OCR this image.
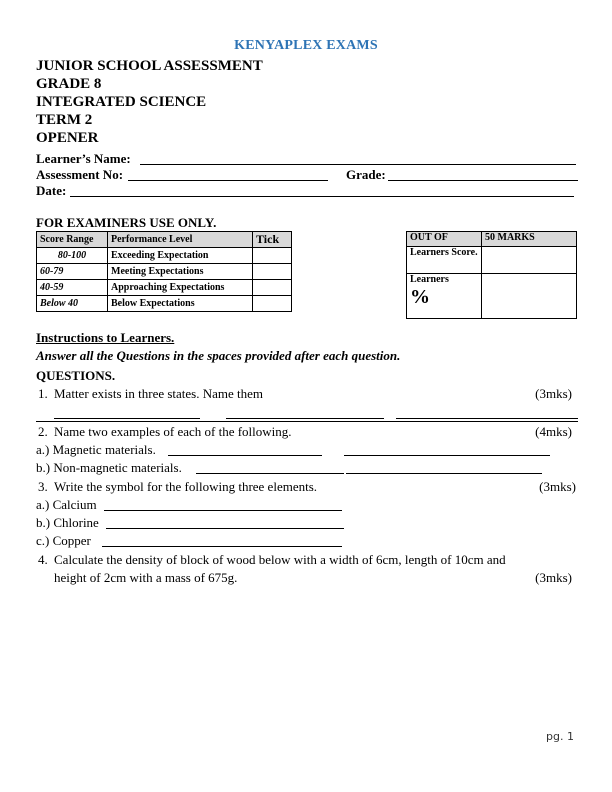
KENYAPLEX EXAMS
JUNIOR SCHOOL ASSESSMENT
GRADE 8
INTEGRATED SCIENCE
TERM 2
OPENER
Learner’s Name:
Assessment No:	Grade:
Date:
FOR EXAMINERS USE ONLY.
Score Range	Performance Level	Tick
80-100	Exceeding Expectation	
60-79	Meeting Expectations	
40-59	Approaching Expectations	
Below 40	Below Expectations	
OUT OF	50 MARKS
Learners Score.	

Learners
%	

Instructions to Learners.
Answer all the Questions in the spaces provided after each question.
QUESTIONS.
1. Matter exists in three states. Name them	(3mks)
2. Name two examples of each of the following.	(4mks)
a.) Magnetic materials.
b.) Non-magnetic materials.
3. Write the symbol for the following three elements.	(3mks)
a.) Calcium
b.) Chlorine
c.) Copper
4. Calculate the density of block of wood below with a width of 6cm, length of 10cm and
height of 2cm with a mass of 675g.	(3mks)
pg. 1
